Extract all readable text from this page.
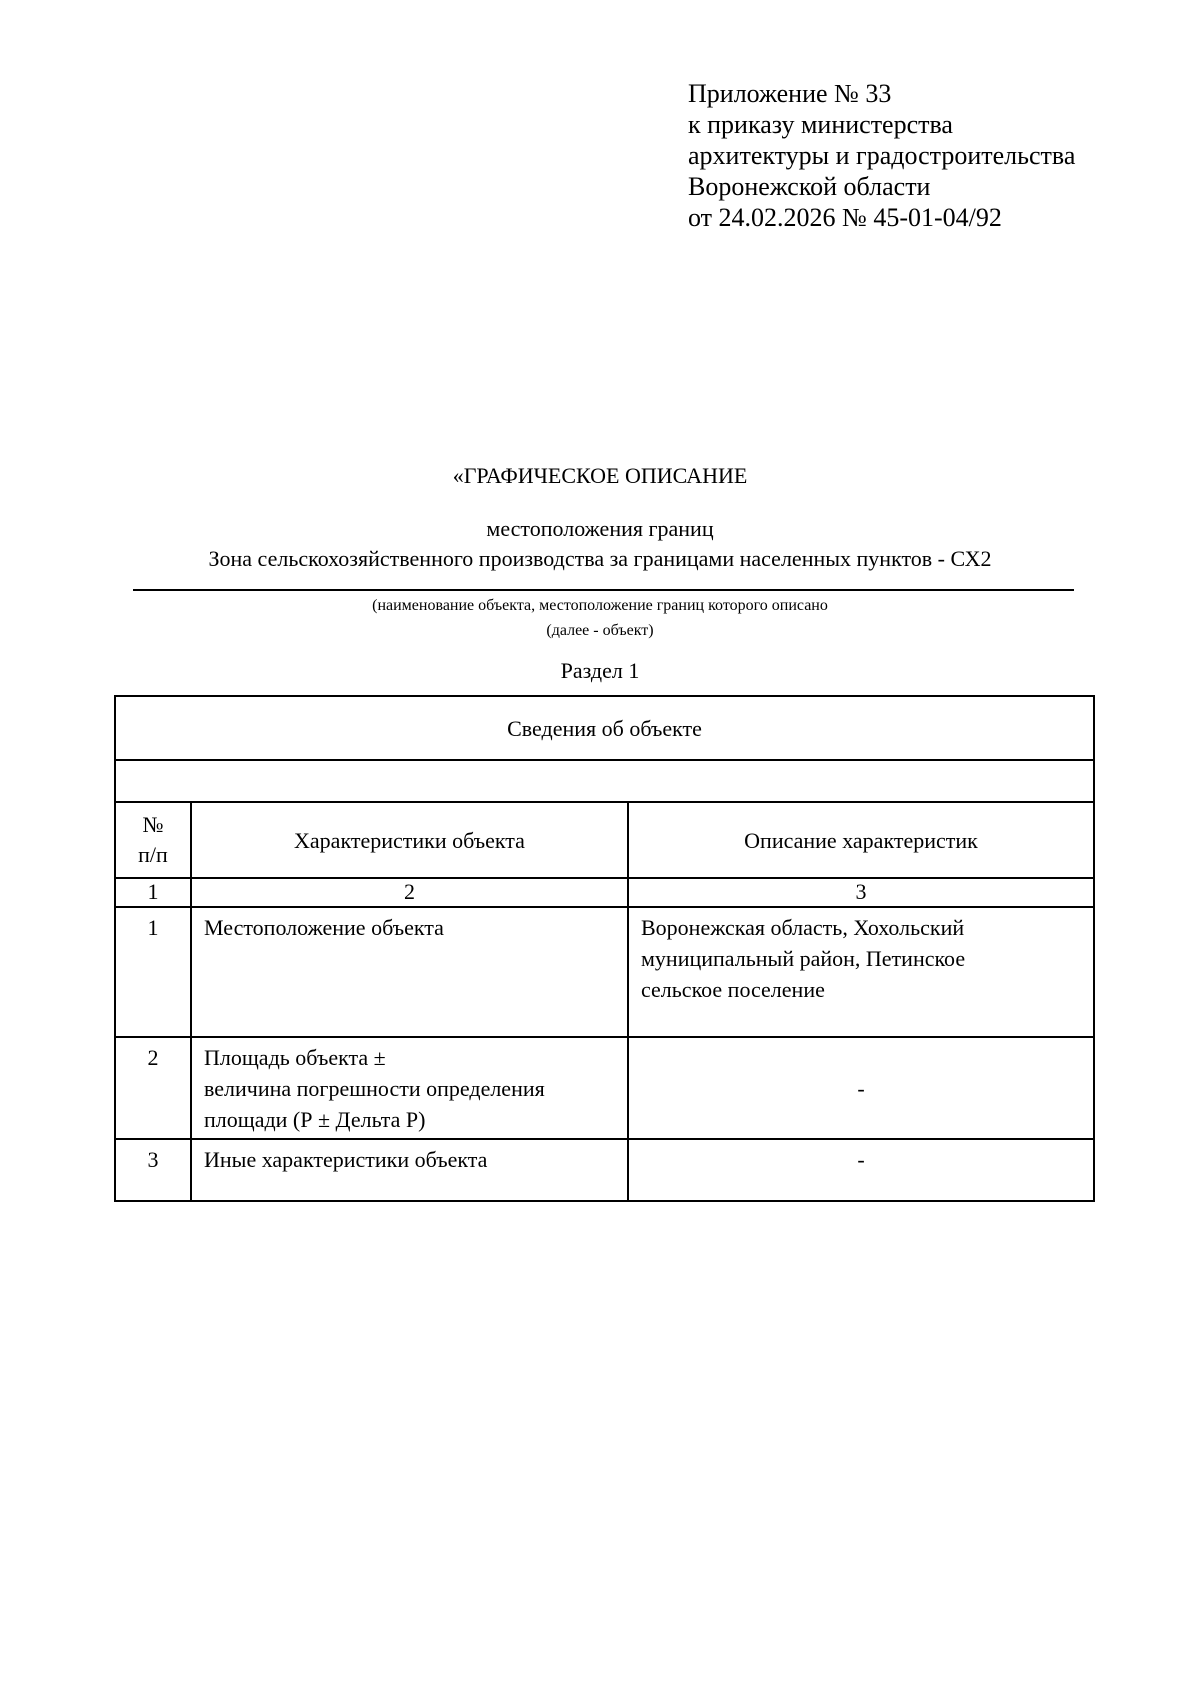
Приложение № 33
к приказу министерства
архитектуры и градостроительства
Воронежской области
от 24.02.2026 № 45-01-04/92
«ГРАФИЧЕСКОЕ ОПИСАНИЕ
местоположения границ
Зона сельскохозяйственного производства за границами населенных пунктов - СХ2
(наименование объекта, местоположение границ которого описано
(далее - объект)
Раздел 1
Сведения об объекте		

№
п/п	Характеристики объекта	Описание характеристик
1	2	3
1	Местоположение объекта	Воронежская область, Хохольский
муниципальный район, Петинское
сельское поселение

2	Площадь объекта ±
величина погрешности определения
площади (Р ± Дельта Р)	-
3	Иные характеристики объекта	-
